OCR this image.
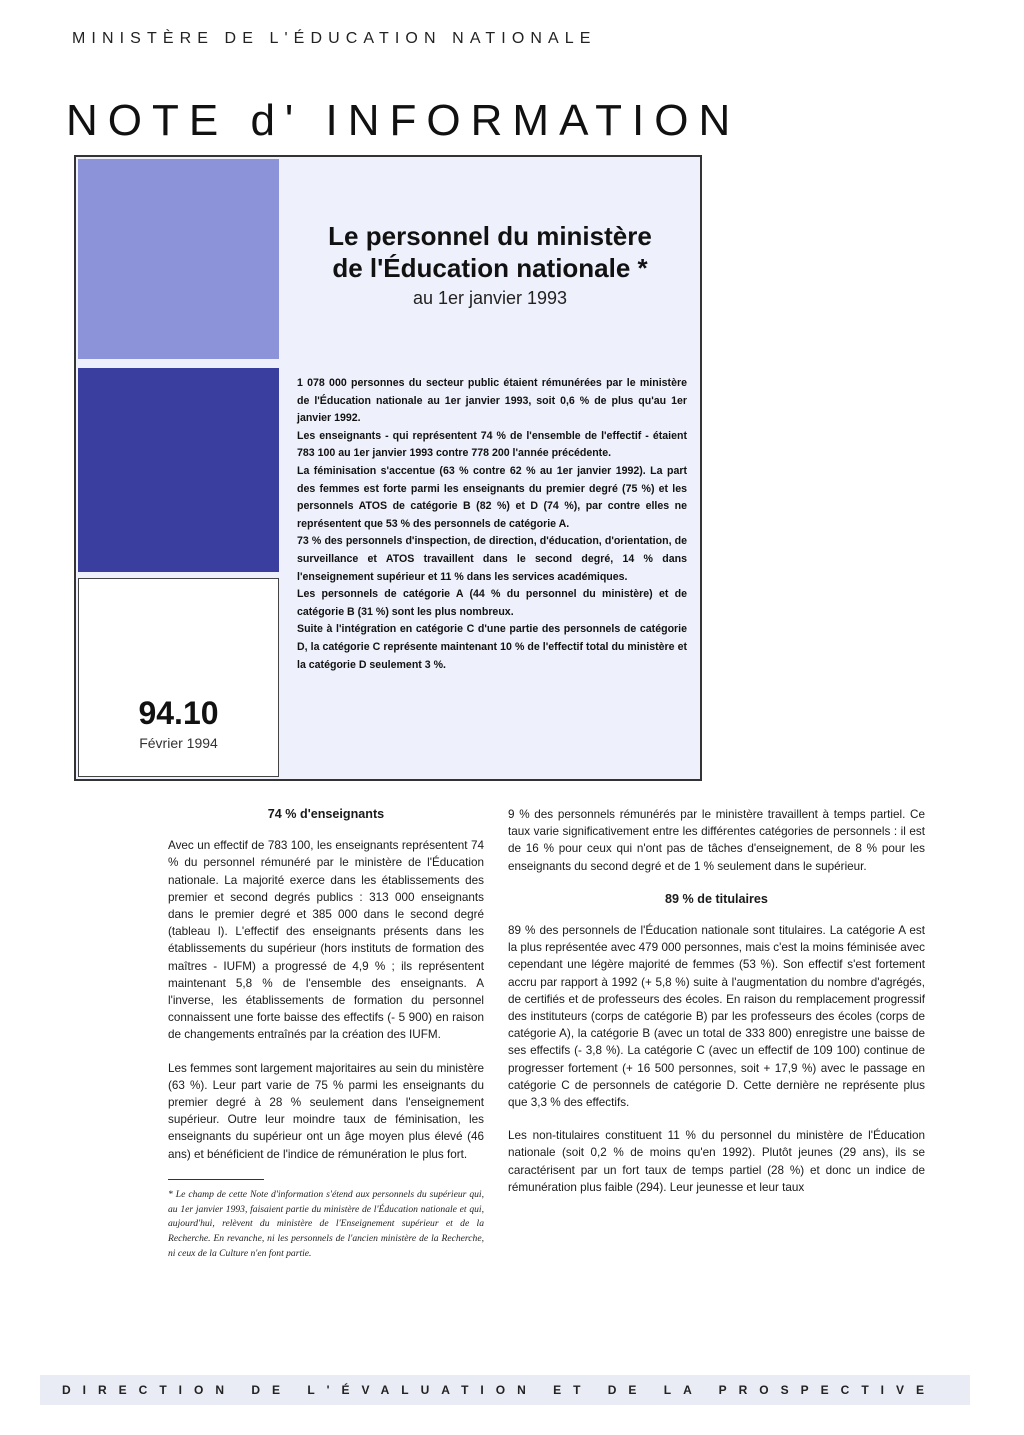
MINISTÈRE DE L'ÉDUCATION NATIONALE
NOTE d' INFORMATION
94.10
Février 1994
Le personnel du ministère
de l'Éducation nationale *
au 1er janvier 1993

1 078 000 personnes du secteur public étaient rémunérées par le ministère de l'Éducation nationale au 1er janvier 1993, soit 0,6 % de plus qu'au 1er janvier 1992.

Les enseignants - qui représentent 74 % de l'ensemble de l'effectif - étaient 783 100 au 1er janvier 1993 contre 778 200 l'année précédente.

La féminisation s'accentue (63 % contre 62 % au 1er janvier 1992). La part des femmes est forte parmi les enseignants du premier degré (75 %) et les personnels ATOS de catégorie B (82 %) et D (74 %), par contre elles ne représentent que 53 % des personnels de catégorie A.

73 % des personnels d'inspection, de direction, d'éducation, d'orientation, de surveillance et ATOS travaillent dans le second degré, 14 % dans l'enseignement supérieur et 11 % dans les services académiques.

Les personnels de catégorie A (44 % du personnel du ministère) et de catégorie B (31 %) sont les plus nombreux.

Suite à l'intégration en catégorie C d'une partie des personnels de catégorie D, la catégorie C représente maintenant 10 % de l'effectif total du ministère et la catégorie D seulement 3 %.

74 % d'enseignants

Avec un effectif de 783 100, les enseignants représentent 74 % du personnel rémunéré par le ministère de l'Éducation nationale. La majorité exerce dans les établissements des premier et second degrés publics : 313 000 enseignants dans le premier degré et 385 000 dans le second degré (tableau l). L'effectif des enseignants présents dans les établissements du supérieur (hors instituts de formation des maîtres - IUFM) a progressé de 4,9 % ; ils représentent maintenant 5,8 % de l'ensemble des enseignants. A l'inverse, les établissements de formation du personnel connaissent une forte baisse des effectifs (- 5 900) en raison de changements entraînés par la création des IUFM.

Les femmes sont largement majoritaires au sein du ministère (63 %). Leur part varie de 75 % parmi les enseignants du premier degré à 28 % seulement dans l'enseignement supérieur. Outre leur moindre taux de féminisation, les enseignants du supérieur ont un âge moyen plus élevé (46 ans) et bénéficient de l'indice de rémunération le plus fort.

* Le champ de cette Note d'information s'étend aux personnels du supérieur qui, au 1er janvier 1993, faisaient partie du ministère de l'Éducation nationale et qui, aujourd'hui, relèvent du ministère de l'Enseignement supérieur et de la Recherche. En revanche, ni les personnels de l'ancien ministère de la Recherche, ni ceux de la Culture n'en font partie.

9 % des personnels rémunérés par le ministère travaillent à temps partiel. Ce taux varie significativement entre les différentes catégories de personnels : il est de 16 % pour ceux qui n'ont pas de tâches d'enseignement, de 8 % pour les enseignants du second degré et de 1 % seulement dans le supérieur.

89 % de titulaires

89 % des personnels de l'Éducation nationale sont titulaires. La catégorie A est la plus représentée avec 479 000 personnes, mais c'est la moins féminisée avec cependant une légère majorité de femmes (53 %). Son effectif s'est fortement accru par rapport à 1992 (+ 5,8 %) suite à l'augmentation du nombre d'agrégés, de certifiés et de professeurs des écoles. En raison du remplacement progressif des instituteurs (corps de catégorie B) par les professeurs des écoles (corps de catégorie A), la catégorie B (avec un total de 333 800) enregistre une baisse de ses effectifs (- 3,8 %). La catégorie C (avec un effectif de 109 100) continue de progresser fortement (+ 16 500 personnes, soit + 17,9 %) avec le passage en catégorie C de personnels de catégorie D. Cette dernière ne représente plus que 3,3 % des effectifs.

Les non-titulaires constituent 11 % du personnel du ministère de l'Éducation nationale (soit 0,2 % de moins qu'en 1992). Plutôt jeunes (29 ans), ils se caractérisent par un fort taux de temps partiel (28 %) et donc un indice de rémunération plus faible (294). Leur jeunesse et leur taux

DIRECTION DE L'ÉVALUATION ET DE LA PROSPECTIVE
